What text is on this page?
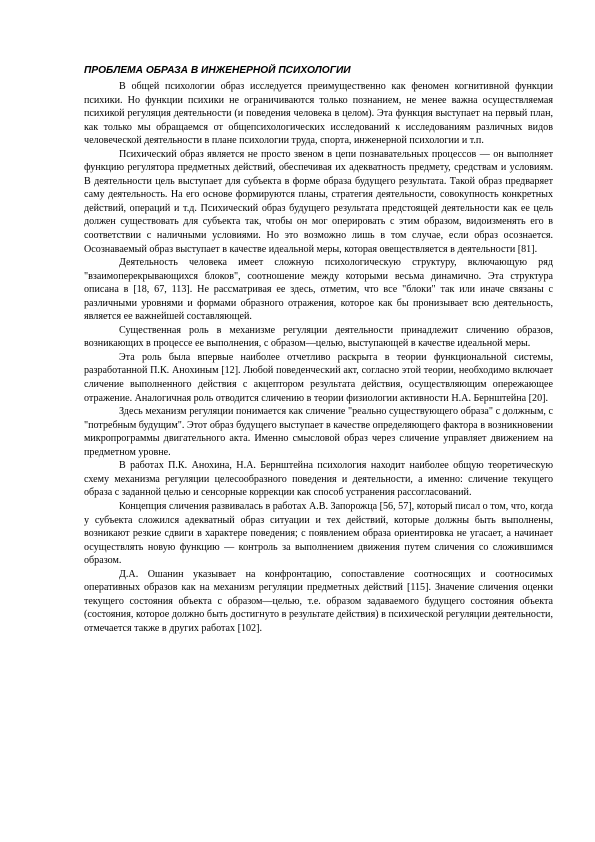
ПРОБЛЕМА ОБРАЗА В ИНЖЕНЕРНОЙ ПСИХОЛОГИИ

В общей психологии образ исследуется преимущественно как феномен когнитивной функции психики. Но функции психики не ограничиваются только познанием, не менее важна осуществляемая психикой регуляция деятельности (и поведения человека в целом). Эта функция выступает на первый план, как только мы обращаемся от общепсихологических исследований к исследованиям различных видов человеческой деятельности в плане психологии труда, спорта, инженерной психологии и т.п.

Психический образ является не просто звеном в цепи познавательных процессов — он выполняет функцию регулятора предметных действий, обеспечивая их адекватность предмету, средствам и условиям. В деятельности цель выступает для субъекта в форме образа будущего результата. Такой образ предваряет саму деятельность. На его основе формируются планы, стратегия деятельности, совокупность конкретных действий, операций и т.д. Психический образ будущего результата предстоящей деятельности как ее цель должен существовать для субъекта так, чтобы он мог оперировать с этим образом, видоизменять его в соответствии с наличными условиями. Но это возможно лишь в том случае, если образ осознается. Осознаваемый образ выступает в качестве идеальной меры, которая овеществляется в деятельности [81].

Деятельность человека имеет сложную психологическую структуру, включающую ряд "взаимоперекрывающихся блоков", соотношение между которыми весьма динамично. Эта структура описана в [18, 67, 113]. Не рассматривая ее здесь, отметим, что все "блоки" так или иначе связаны с различными уровнями и формами образного отражения, которое как бы пронизывает всю деятельность, является ее важнейшей составляющей.

Существенная роль в механизме регуляции деятельности принадлежит сличению образов, возникающих в процессе ее выполнения, с образом—целью, выступающей в качестве идеальной меры.

Эта роль была впервые наиболее отчетливо раскрыта в теории функциональной системы, разработанной П.К. Анохиным [12]. Любой поведенческий акт, согласно этой теории, необходимо включает сличение выполненного действия с акцептором результата действия, осуществляющим опережающее отражение. Аналогичная роль отводится сличению в теории физиологии активности Н.А. Бернштейна [20].

Здесь механизм регуляции понимается как сличение "реально существующего образа" с должным, с "потребным будущим". Этот образ будущего выступает в качестве определяющего фактора в возникновении микропрограммы двигательного акта. Именно смысловой образ через сличение управляет движением на предметном уровне.

В работах П.К. Анохина, Н.А. Бернштейна психология находит наиболее общую теоретическую схему механизма регуляции целесообразного поведения и деятельности, а именно: сличение текущего образа с заданной целью и сенсорные коррекции как способ устранения рассогласований.

Концепция сличения развивалась в работах А.В. Запорожца [56, 57], который писал о том, что, когда у субъекта сложился адекватный образ ситуации и тех действий, которые должны быть выполнены, возникают резкие сдвиги в характере поведения; с появлением образа ориентировка не угасает, а начинает осуществлять новую функцию — контроль за выполнением движения путем сличения со сложившимся образом.

Д.А. Ошанин указывает на конфронтацию, сопоставление соотносящих и соотносимых оперативных образов как на механизм регуляции предметных действий [115]. Значение сличения оценки текущего состояния объекта с образом—целью, т.е. образом задаваемого будущего состояния объекта (состояния, которое должно быть достигнуто в результате действия) в психической регуляции деятельности, отмечается также в других работах [102].
